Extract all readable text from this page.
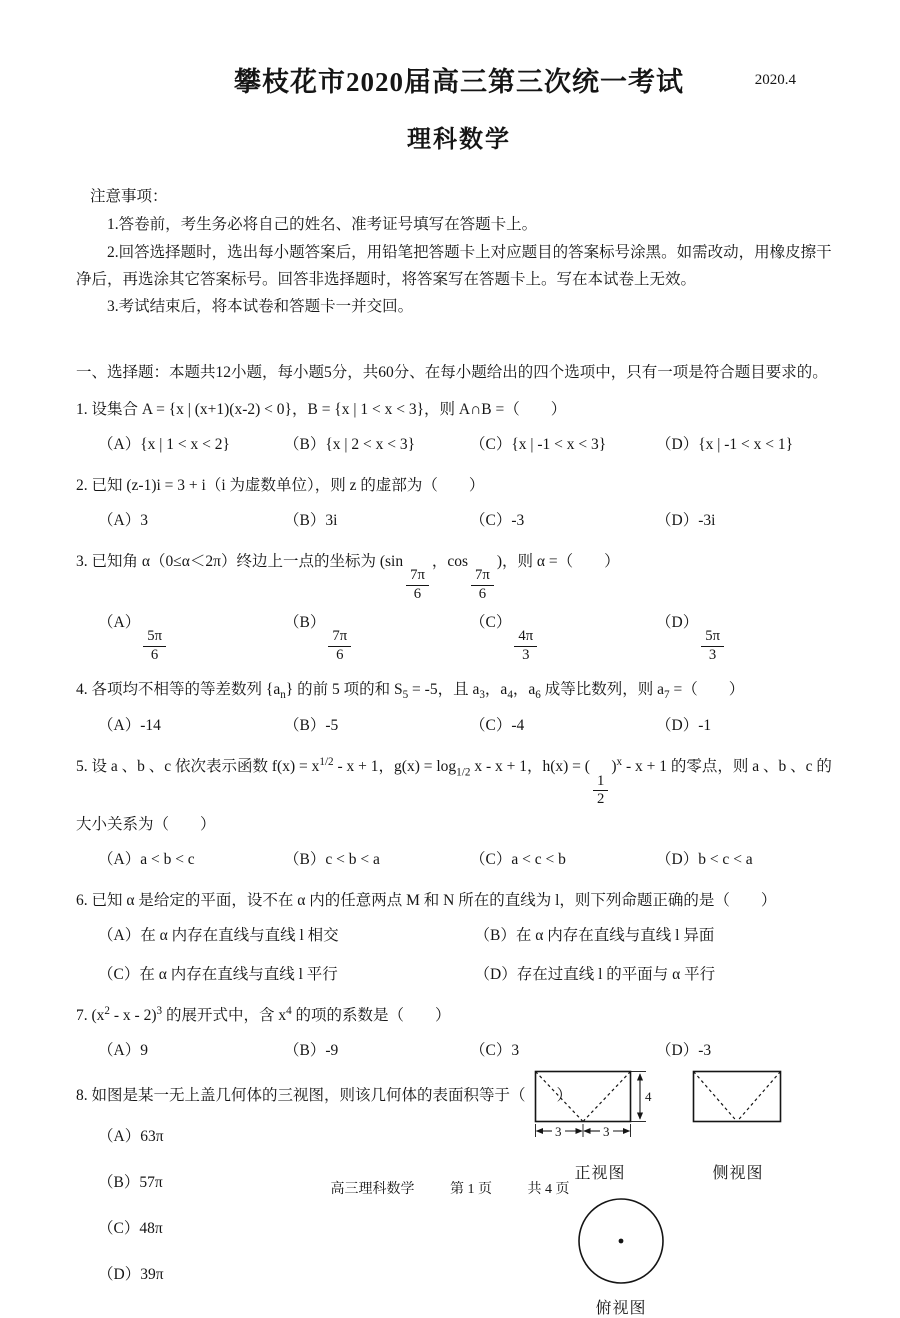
攀枝花市2020届高三第三次统一考试	2020.4
理科数学
注意事项：

1.答卷前，考生务必将自己的姓名、准考证号填写在答题卡上。

2.回答选择题时，选出每小题答案后，用铅笔把答题卡上对应题目的答案标号涂黑。如需改动，用橡皮擦干净后，再选涂其它答案标号。回答非选择题时，将答案写在答题卡上。写在本试卷上无效。

3.考试结束后，将本试卷和答题卡一并交回。

一、选择题：本题共12小题，每小题5分，共60分、在每小题给出的四个选项中，只有一项是符合题目要求的。

1. 设集合 A = {x | (x+1)(x-2) < 0}，B = {x | 1 < x < 3}，则 A∩B =（　　）
（A）{x | 1 < x < 2}	（B）{x | 2 < x < 3}	（C）{x | -1 < x < 3}	（D）{x | -1 < x < 1}
2. 已知 (z-1)i = 3 + i（i 为虚数单位），则 z 的虚部为（　　）
（A）3	（B）3i	（C）-3	（D）-3i
3. 已知角 α（0≤α＜2π）终边上一点的坐标为 (sin
$\frac{7\pi}{6}$
，cos
$\frac{7\pi}{6}$
)，则 α =（　　）
（A）
$\frac{5\pi}{6}$
（B）
$\frac{7\pi}{6}$
（C）
$\frac{4\pi}{3}$
（D）
$\frac{5\pi}{3}$
4. 各项均不相等的等差数列 $\{a_n\}$ 的前 5 项的和 $S_5 = -5$，且 $a_3$，$a_4$，$a_6$ 成等比数列，则 $a_7$ =（　　）
（A）-14	（B）-5	（C）-4	（D）-1
5. 设 a 、b 、c 依次表示函数 $f(x) = x^{1/2} - x + 1$，$g(x) = \log_{1/2} x - x + 1$，h(x) = (
$\frac{1}{2}$
)$^x$ - x + 1 的零点，则 a 、b 、c 的大小关系为（　　）
（A）a < b < c	（B）c < b < a	（C）a < c < b	（D）b < c < a
6. 已知 α 是给定的平面，设不在 α 内的任意两点 M 和 N 所在的直线为 l，则下列命题正确的是（　　）
（A）在 α 内存在直线与直线 l 相交	（B）在 α 内存在直线与直线 l 异面
（C）在 α 内存在直线与直线 l 平行	（D）存在过直线 l 的平面与 α 平行
7. ($x^2$ - x - 2)$^3$ 的展开式中，含 $x^4$ 的项的系数是（　　）
（A）9	（B）-9	（C）3	（D）-3
8. 如图是某一无上盖几何体的三视图，则该几何体的表面积等于（　　）
（A）63π
（B）57π
（C）48π
（D）39π
4
3	3
正视图	侧视图
俯视图
高三理科数学	第 1 页	共 4 页
